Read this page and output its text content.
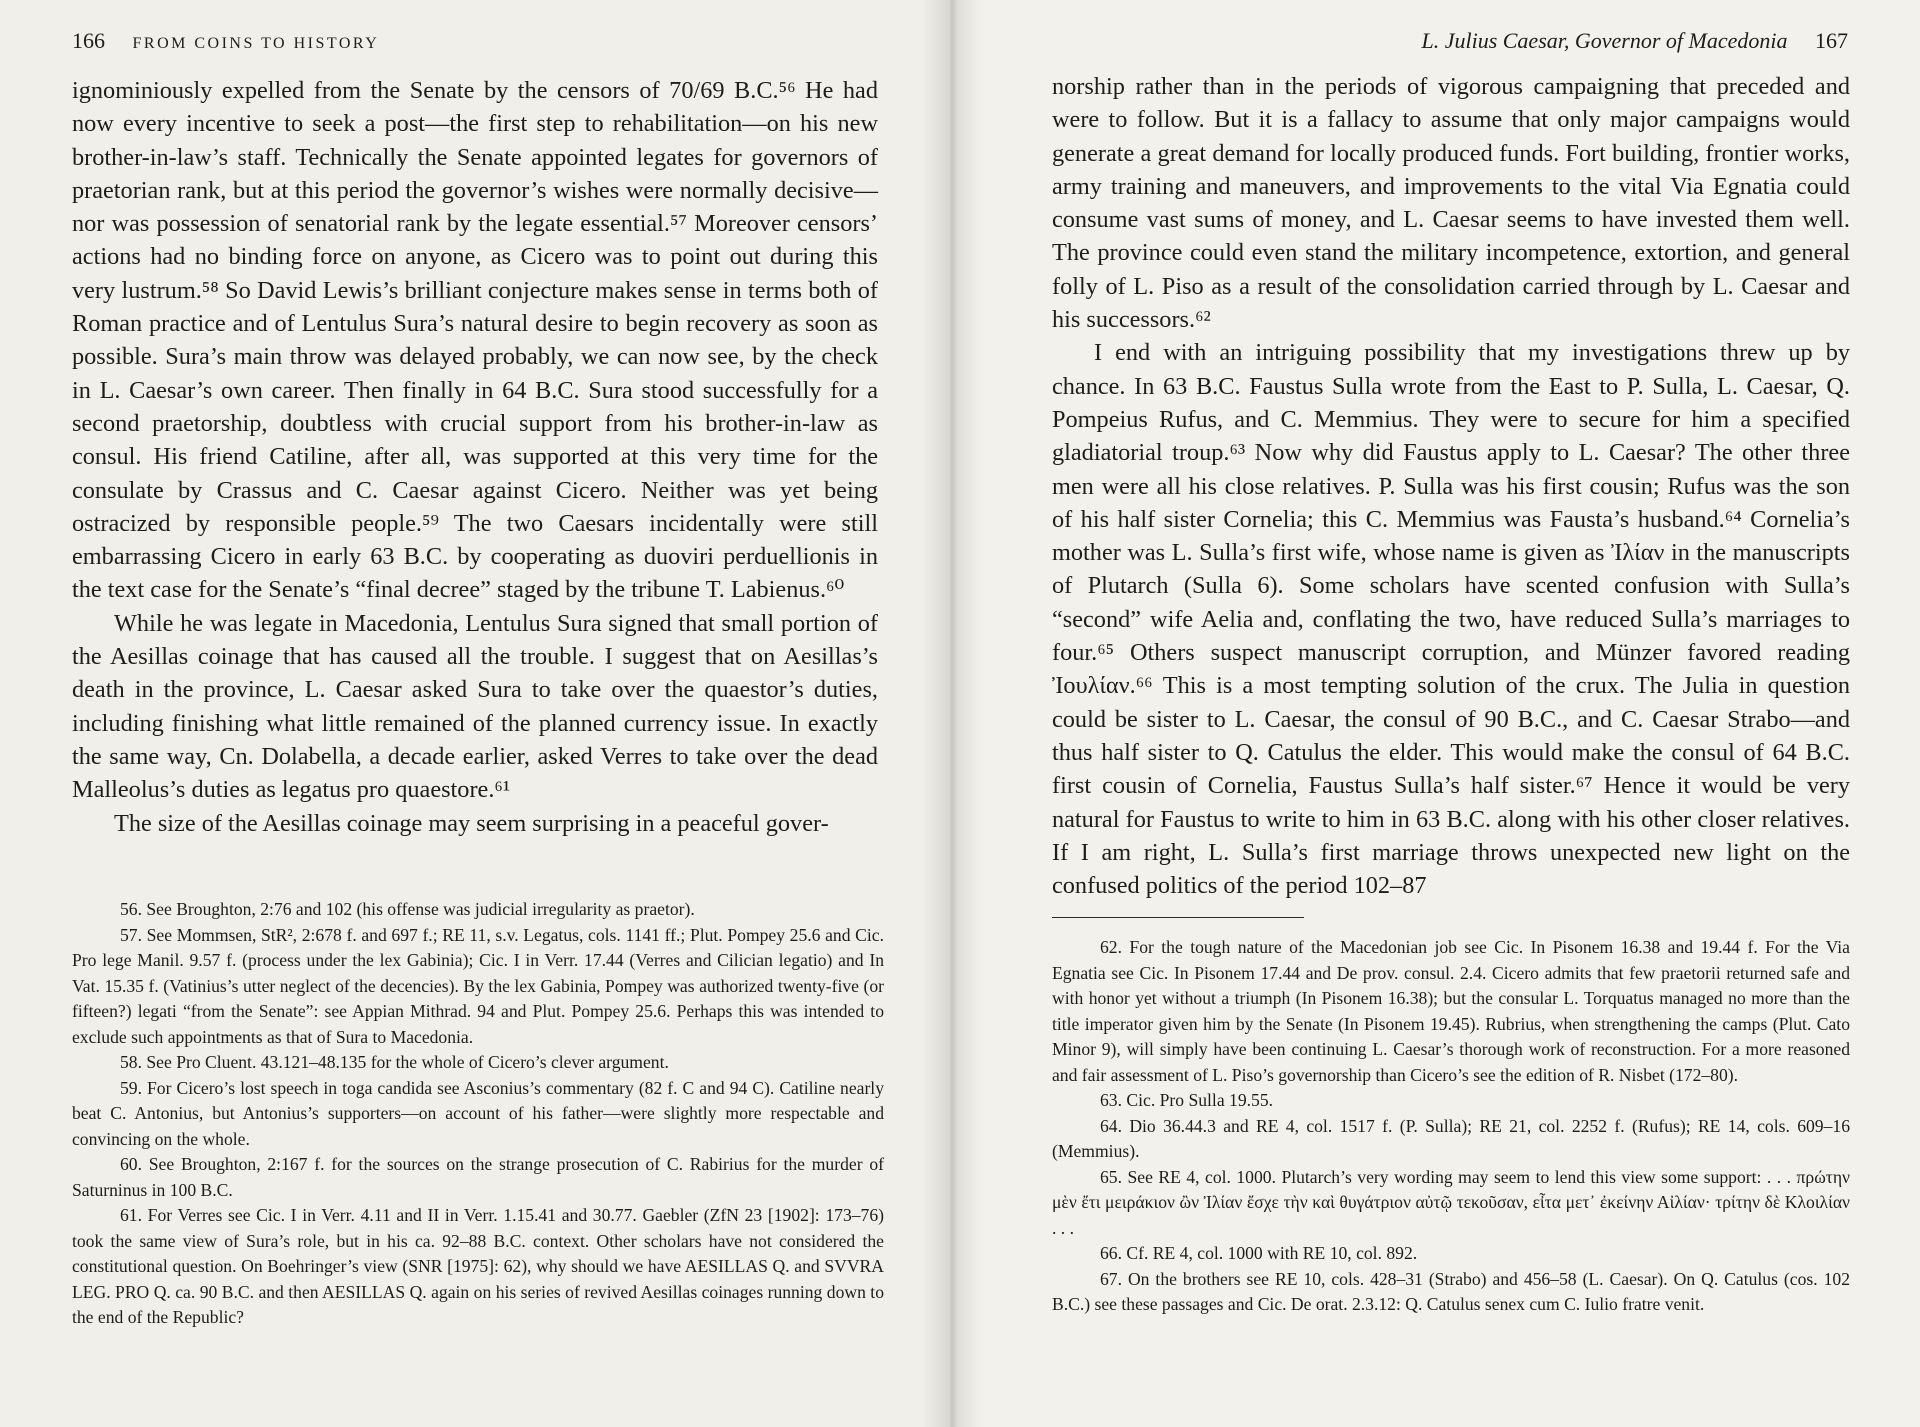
166 FROM COINS TO HISTORY	L. Julius Caesar, Governor of Macedonia 167

ignominiously expelled from the Senate by the censors of 70/69 B.C.⁵⁶ He had now every incentive to seek a post—the first step to rehabilitation—on his new brother-in-law’s staff. Technically the Senate appointed legates for governors of praetorian rank, but at this period the governor’s wishes were normally decisive—nor was possession of senatorial rank by the legate essential.⁵⁷ Moreover censors’ actions had no binding force on anyone, as Cicero was to point out during this very lustrum.⁵⁸ So David Lewis’s brilliant conjecture makes sense in terms both of Roman practice and of Lentulus Sura’s natural desire to begin recovery as soon as possible. Sura’s main throw was delayed probably, we can now see, by the check in L. Caesar’s own career. Then finally in 64 B.C. Sura stood successfully for a second praetorship, doubtless with crucial support from his brother-in-law as consul. His friend Catiline, after all, was supported at this very time for the consulate by Crassus and C. Caesar against Cicero. Neither was yet being ostracized by responsible people.⁵⁹ The two Caesars incidentally were still embarrassing Cicero in early 63 B.C. by cooperating as duoviri perduellionis in the text case for the Senate’s “final decree” staged by the tribune T. Labienus.⁶⁰

While he was legate in Macedonia, Lentulus Sura signed that small portion of the Aesillas coinage that has caused all the trouble. I suggest that on Aesillas’s death in the province, L. Caesar asked Sura to take over the quaestor’s duties, including finishing what little remained of the planned currency issue. In exactly the same way, Cn. Dolabella, a decade earlier, asked Verres to take over the dead Malleolus’s duties as legatus pro quaestore.⁶¹

The size of the Aesillas coinage may seem surprising in a peaceful gover-

56. See Broughton, 2:76 and 102 (his offense was judicial irregularity as praetor).

57. See Mommsen, StR², 2:678 f. and 697 f.; RE 11, s.v. Legatus, cols. 1141 ff.; Plut. Pompey 25.6 and Cic. Pro lege Manil. 9.57 f. (process under the lex Gabinia); Cic. I in Verr. 17.44 (Verres and Cilician legatio) and In Vat. 15.35 f. (Vatinius’s utter neglect of the decencies). By the lex Gabinia, Pompey was authorized twenty-five (or fifteen?) legati “from the Senate”: see Appian Mithrad. 94 and Plut. Pompey 25.6. Perhaps this was intended to exclude such appointments as that of Sura to Macedonia.

58. See Pro Cluent. 43.121–48.135 for the whole of Cicero’s clever argument.

59. For Cicero’s lost speech in toga candida see Asconius’s commentary (82 f. C and 94 C). Catiline nearly beat C. Antonius, but Antonius’s supporters—on account of his father—were slightly more respectable and convincing on the whole.

60. See Broughton, 2:167 f. for the sources on the strange prosecution of C. Rabirius for the murder of Saturninus in 100 B.C.

61. For Verres see Cic. I in Verr. 4.11 and II in Verr. 1.15.41 and 30.77. Gaebler (ZfN 23 [1902]: 173–76) took the same view of Sura’s role, but in his ca. 92–88 B.C. context. Other scholars have not considered the constitutional question. On Boehringer’s view (SNR [1975]: 62), why should we have AESILLAS Q. and SVVRA LEG. PRO Q. ca. 90 B.C. and then AESILLAS Q. again on his series of revived Aesillas coinages running down to the end of the Republic?

norship rather than in the periods of vigorous campaigning that preceded and were to follow. But it is a fallacy to assume that only major campaigns would generate a great demand for locally produced funds. Fort building, frontier works, army training and maneuvers, and improvements to the vital Via Egnatia could consume vast sums of money, and L. Caesar seems to have invested them well. The province could even stand the military incompetence, extortion, and general folly of L. Piso as a result of the consolidation carried through by L. Caesar and his successors.⁶²

I end with an intriguing possibility that my investigations threw up by chance. In 63 B.C. Faustus Sulla wrote from the East to P. Sulla, L. Caesar, Q. Pompeius Rufus, and C. Memmius. They were to secure for him a specified gladiatorial troup.⁶³ Now why did Faustus apply to L. Caesar? The other three men were all his close relatives. P. Sulla was his first cousin; Rufus was the son of his half sister Cornelia; this C. Memmius was Fausta’s husband.⁶⁴ Cornelia’s mother was L. Sulla’s first wife, whose name is given as Ἰλίαν in the manuscripts of Plutarch (Sulla 6). Some scholars have scented confusion with Sulla’s “second” wife Aelia and, conflating the two, have reduced Sulla’s marriages to four.⁶⁵ Others suspect manuscript corruption, and Münzer favored reading Ἰουλίαν.⁶⁶ This is a most tempting solution of the crux. The Julia in question could be sister to L. Caesar, the consul of 90 B.C., and C. Caesar Strabo—and thus half sister to Q. Catulus the elder. This would make the consul of 64 B.C. first cousin of Cornelia, Faustus Sulla’s half sister.⁶⁷ Hence it would be very natural for Faustus to write to him in 63 B.C. along with his other closer relatives. If I am right, L. Sulla’s first marriage throws unexpected new light on the confused politics of the period 102–87

62. For the tough nature of the Macedonian job see Cic. In Pisonem 16.38 and 19.44 f. For the Via Egnatia see Cic. In Pisonem 17.44 and De prov. consul. 2.4. Cicero admits that few praetorii returned safe and with honor yet without a triumph (In Pisonem 16.38); but the consular L. Torquatus managed no more than the title imperator given him by the Senate (In Pisonem 19.45). Rubrius, when strengthening the camps (Plut. Cato Minor 9), will simply have been continuing L. Caesar’s thorough work of reconstruction. For a more reasoned and fair assessment of L. Piso’s governorship than Cicero’s see the edition of R. Nisbet (172–80).

63. Cic. Pro Sulla 19.55.

64. Dio 36.44.3 and RE 4, col. 1517 f. (P. Sulla); RE 21, col. 2252 f. (Rufus); RE 14, cols. 609–16 (Memmius).

65. See RE 4, col. 1000. Plutarch’s very wording may seem to lend this view some support: . . . πρώτην μὲν ἔτι μειράκιον ὢν Ἰλίαν ἔσχε τὴν καὶ θυγάτριον αὐτῷ τεκοῦσαν, εἶτα μετ᾽ ἐκείνην Αἰλίαν· τρίτην δὲ Κλοιλίαν . . .

66. Cf. RE 4, col. 1000 with RE 10, col. 892.

67. On the brothers see RE 10, cols. 428–31 (Strabo) and 456–58 (L. Caesar). On Q. Catulus (cos. 102 B.C.) see these passages and Cic. De orat. 2.3.12: Q. Catulus senex cum C. Iulio fratre venit.
